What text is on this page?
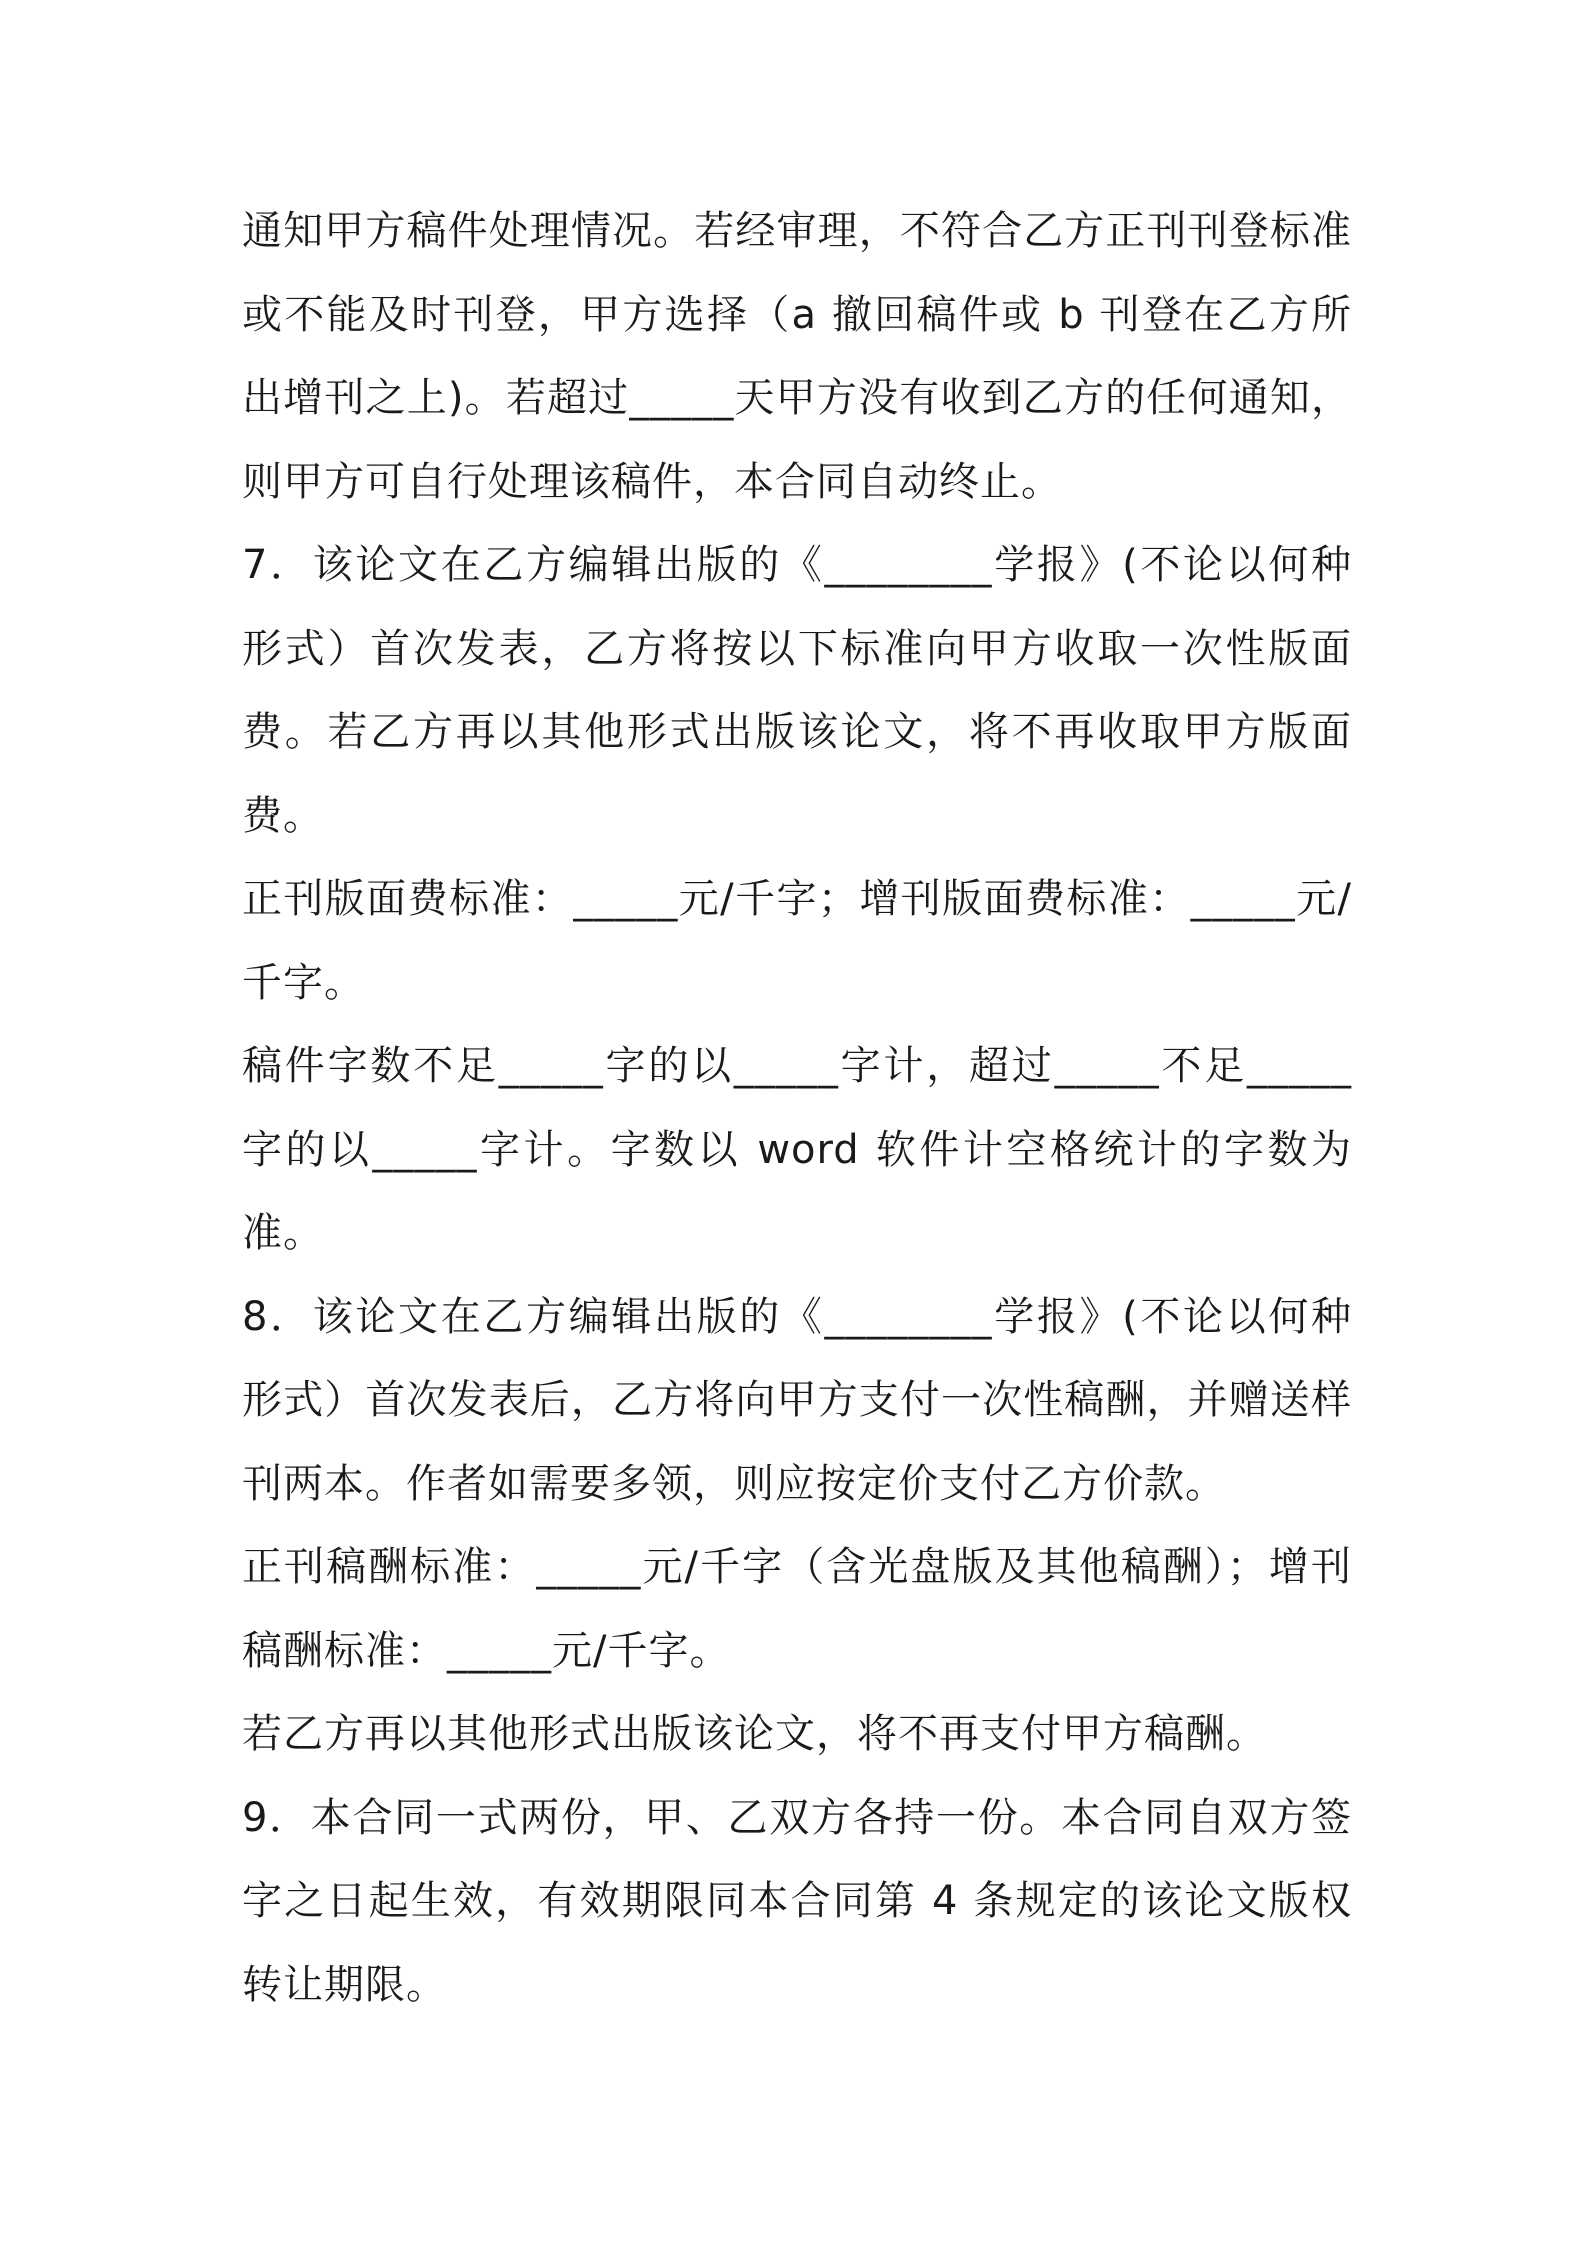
通知甲方稿件处理情况。若经审理，不符合乙方正刊刊登标准或不能及时刊登，甲方选择（a 撤回稿件或 b 刊登在乙方所出增刊之上)。若超过_____天甲方没有收到乙方的任何通知，则甲方可自行处理该稿件，本合同自动终止。

7．该论文在乙方编辑出版的《________学报》(不论以何种形式）首次发表，乙方将按以下标准向甲方收取一次性版面费。若乙方再以其他形式出版该论文，将不再收取甲方版面费。

正刊版面费标准：_____元/千字；增刊版面费标准：_____元/千字。

稿件字数不足_____字的以_____字计，超过_____不足_____字的以_____字计。字数以 word 软件计空格统计的字数为准。

8．该论文在乙方编辑出版的《________学报》(不论以何种形式）首次发表后，乙方将向甲方支付一次性稿酬，并赠送样刊两本。作者如需要多领，则应按定价支付乙方价款。

正刊稿酬标准：_____元/千字（含光盘版及其他稿酬）；增刊稿酬标准：_____元/千字。

若乙方再以其他形式出版该论文，将不再支付甲方稿酬。

9．本合同一式两份，甲、乙双方各持一份。本合同自双方签字之日起生效，有效期限同本合同第 4 条规定的该论文版权转让期限。
